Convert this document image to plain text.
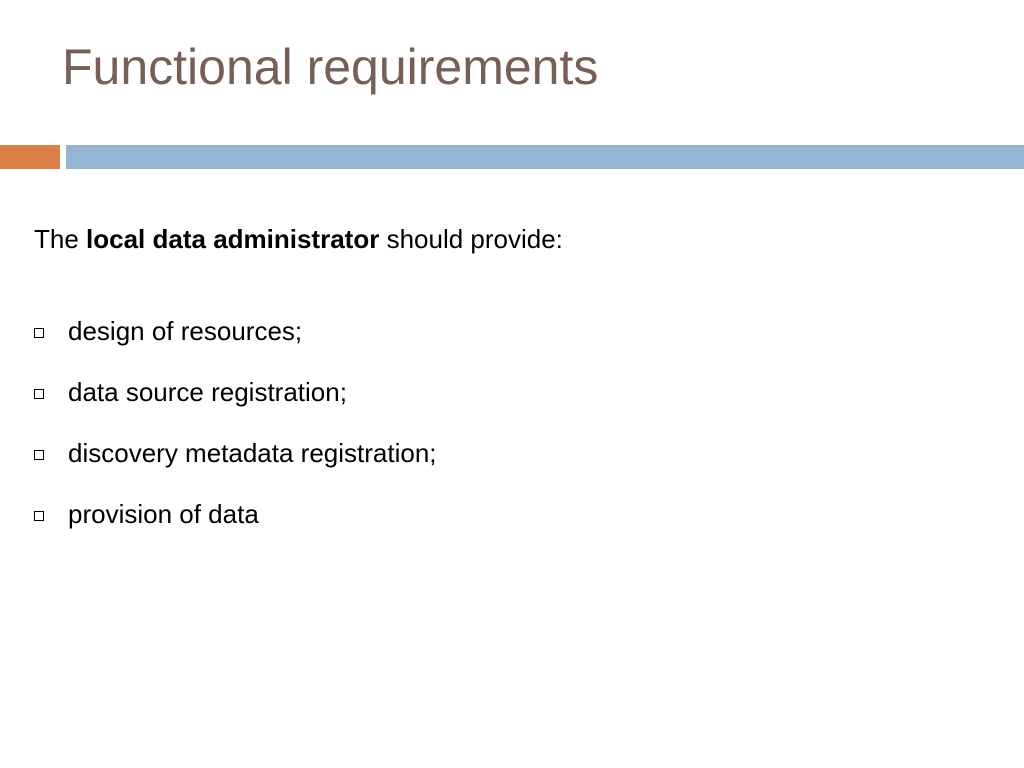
Functional requirements
The local data administrator should provide:
design of resources;
data source registration;
discovery metadata registration;
provision of data
